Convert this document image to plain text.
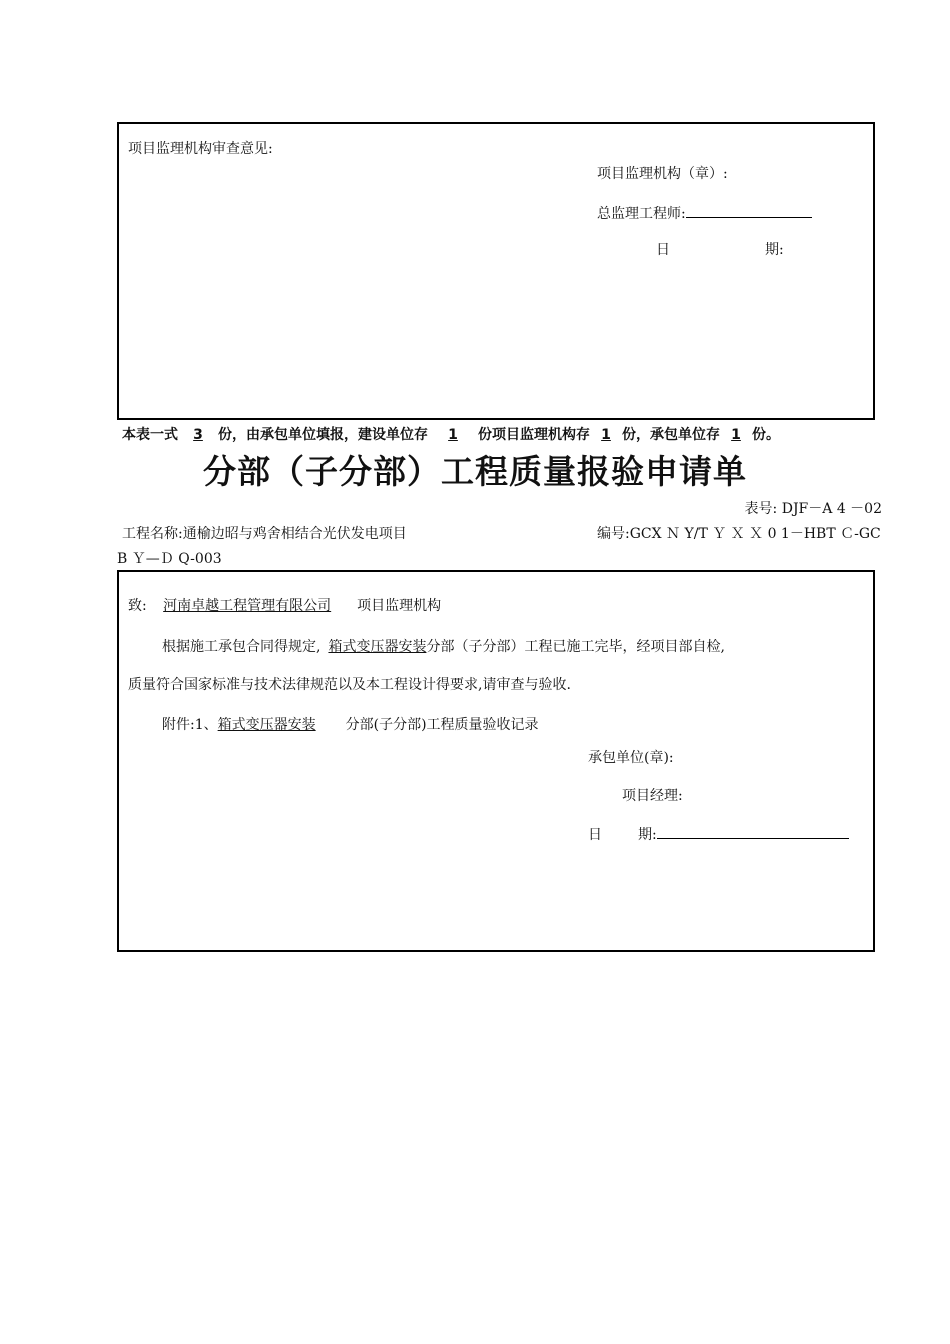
项目监理机构审查意见:
项目监理机构（章）:
总监理工程师:
日	期:
本表一式 3 份，由承包单位填报，建设单位存 1 份项目监理机构存 1 份，承包单位存 1 份。
分部（子分部）工程质量报验申请单
表号: DJF－A 4 －02
工程名称:通榆边昭与鸡舍相结合光伏发电项目	编号:GCX Ｎ Y/T Ｙ Ｘ Ｘ 0 1－HBT Ｃ-GC
B Ｙ—Ｄ Q-003
致: 河南卓越工程管理有限公司 项目监理机构
根据施工承包合同得规定, 箱式变压器安装分部（子分部）工程已施工完毕，经项目部自检,
质量符合国家标准与技术法律规范以及本工程设计得要求,请审查与验收.
附件:1、箱式变压器安装 分部(子分部)工程质量验收记录
承包单位(章):
项目经理:
日	期:
